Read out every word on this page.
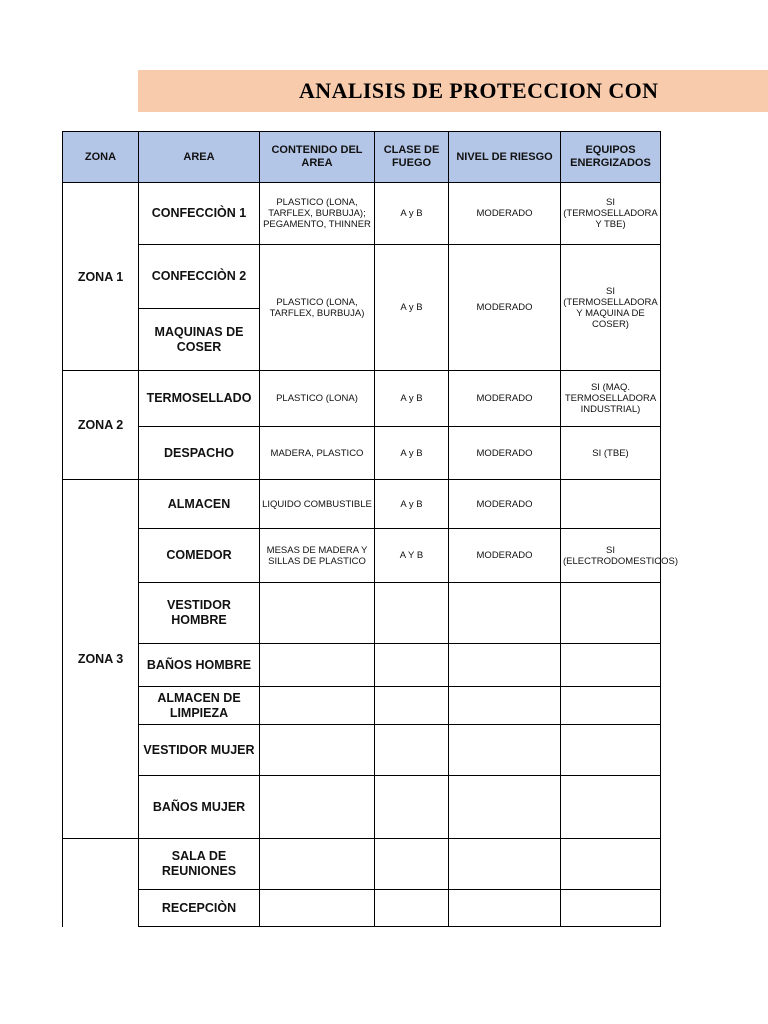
ANALISIS DE PROTECCION CON
ZONA	AREA	CONTENIDO DEL AREA	CLASE DE FUEGO	NIVEL DE RIESGO	EQUIPOS ENERGIZADOS
ZONA 1	CONFECCIÒN 1	PLASTICO (LONA, TARFLEX, BURBUJA); PEGAMENTO, THINNER	A y B	MODERADO	SI (TERMOSELLADORA Y TBE)
	CONFECCIÒN 2	PLASTICO (LONA, TARFLEX, BURBUJA)	A y B	MODERADO	SI (TERMOSELLADORA Y MAQUINA DE COSER)
	MAQUINAS DE COSER				
ZONA 2	TERMOSELLADO	PLASTICO (LONA)	A y B	MODERADO	SI (MAQ. TERMOSELLADORA INDUSTRIAL)
	DESPACHO	MADERA, PLASTICO	A y B	MODERADO	SI (TBE)
ZONA 3	ALMACEN	LIQUIDO COMBUSTIBLE	A y B	MODERADO	
	COMEDOR	MESAS DE MADERA Y SILLAS DE PLASTICO	A Y B	MODERADO	SI (ELECTRODOMESTICOS)
	VESTIDOR HOMBRE				
	BAÑOS HOMBRE				
	ALMACEN DE LIMPIEZA				
	VESTIDOR MUJER				
	BAÑOS MUJER				
	SALA DE REUNIONES				
	RECEPCIÒN				
